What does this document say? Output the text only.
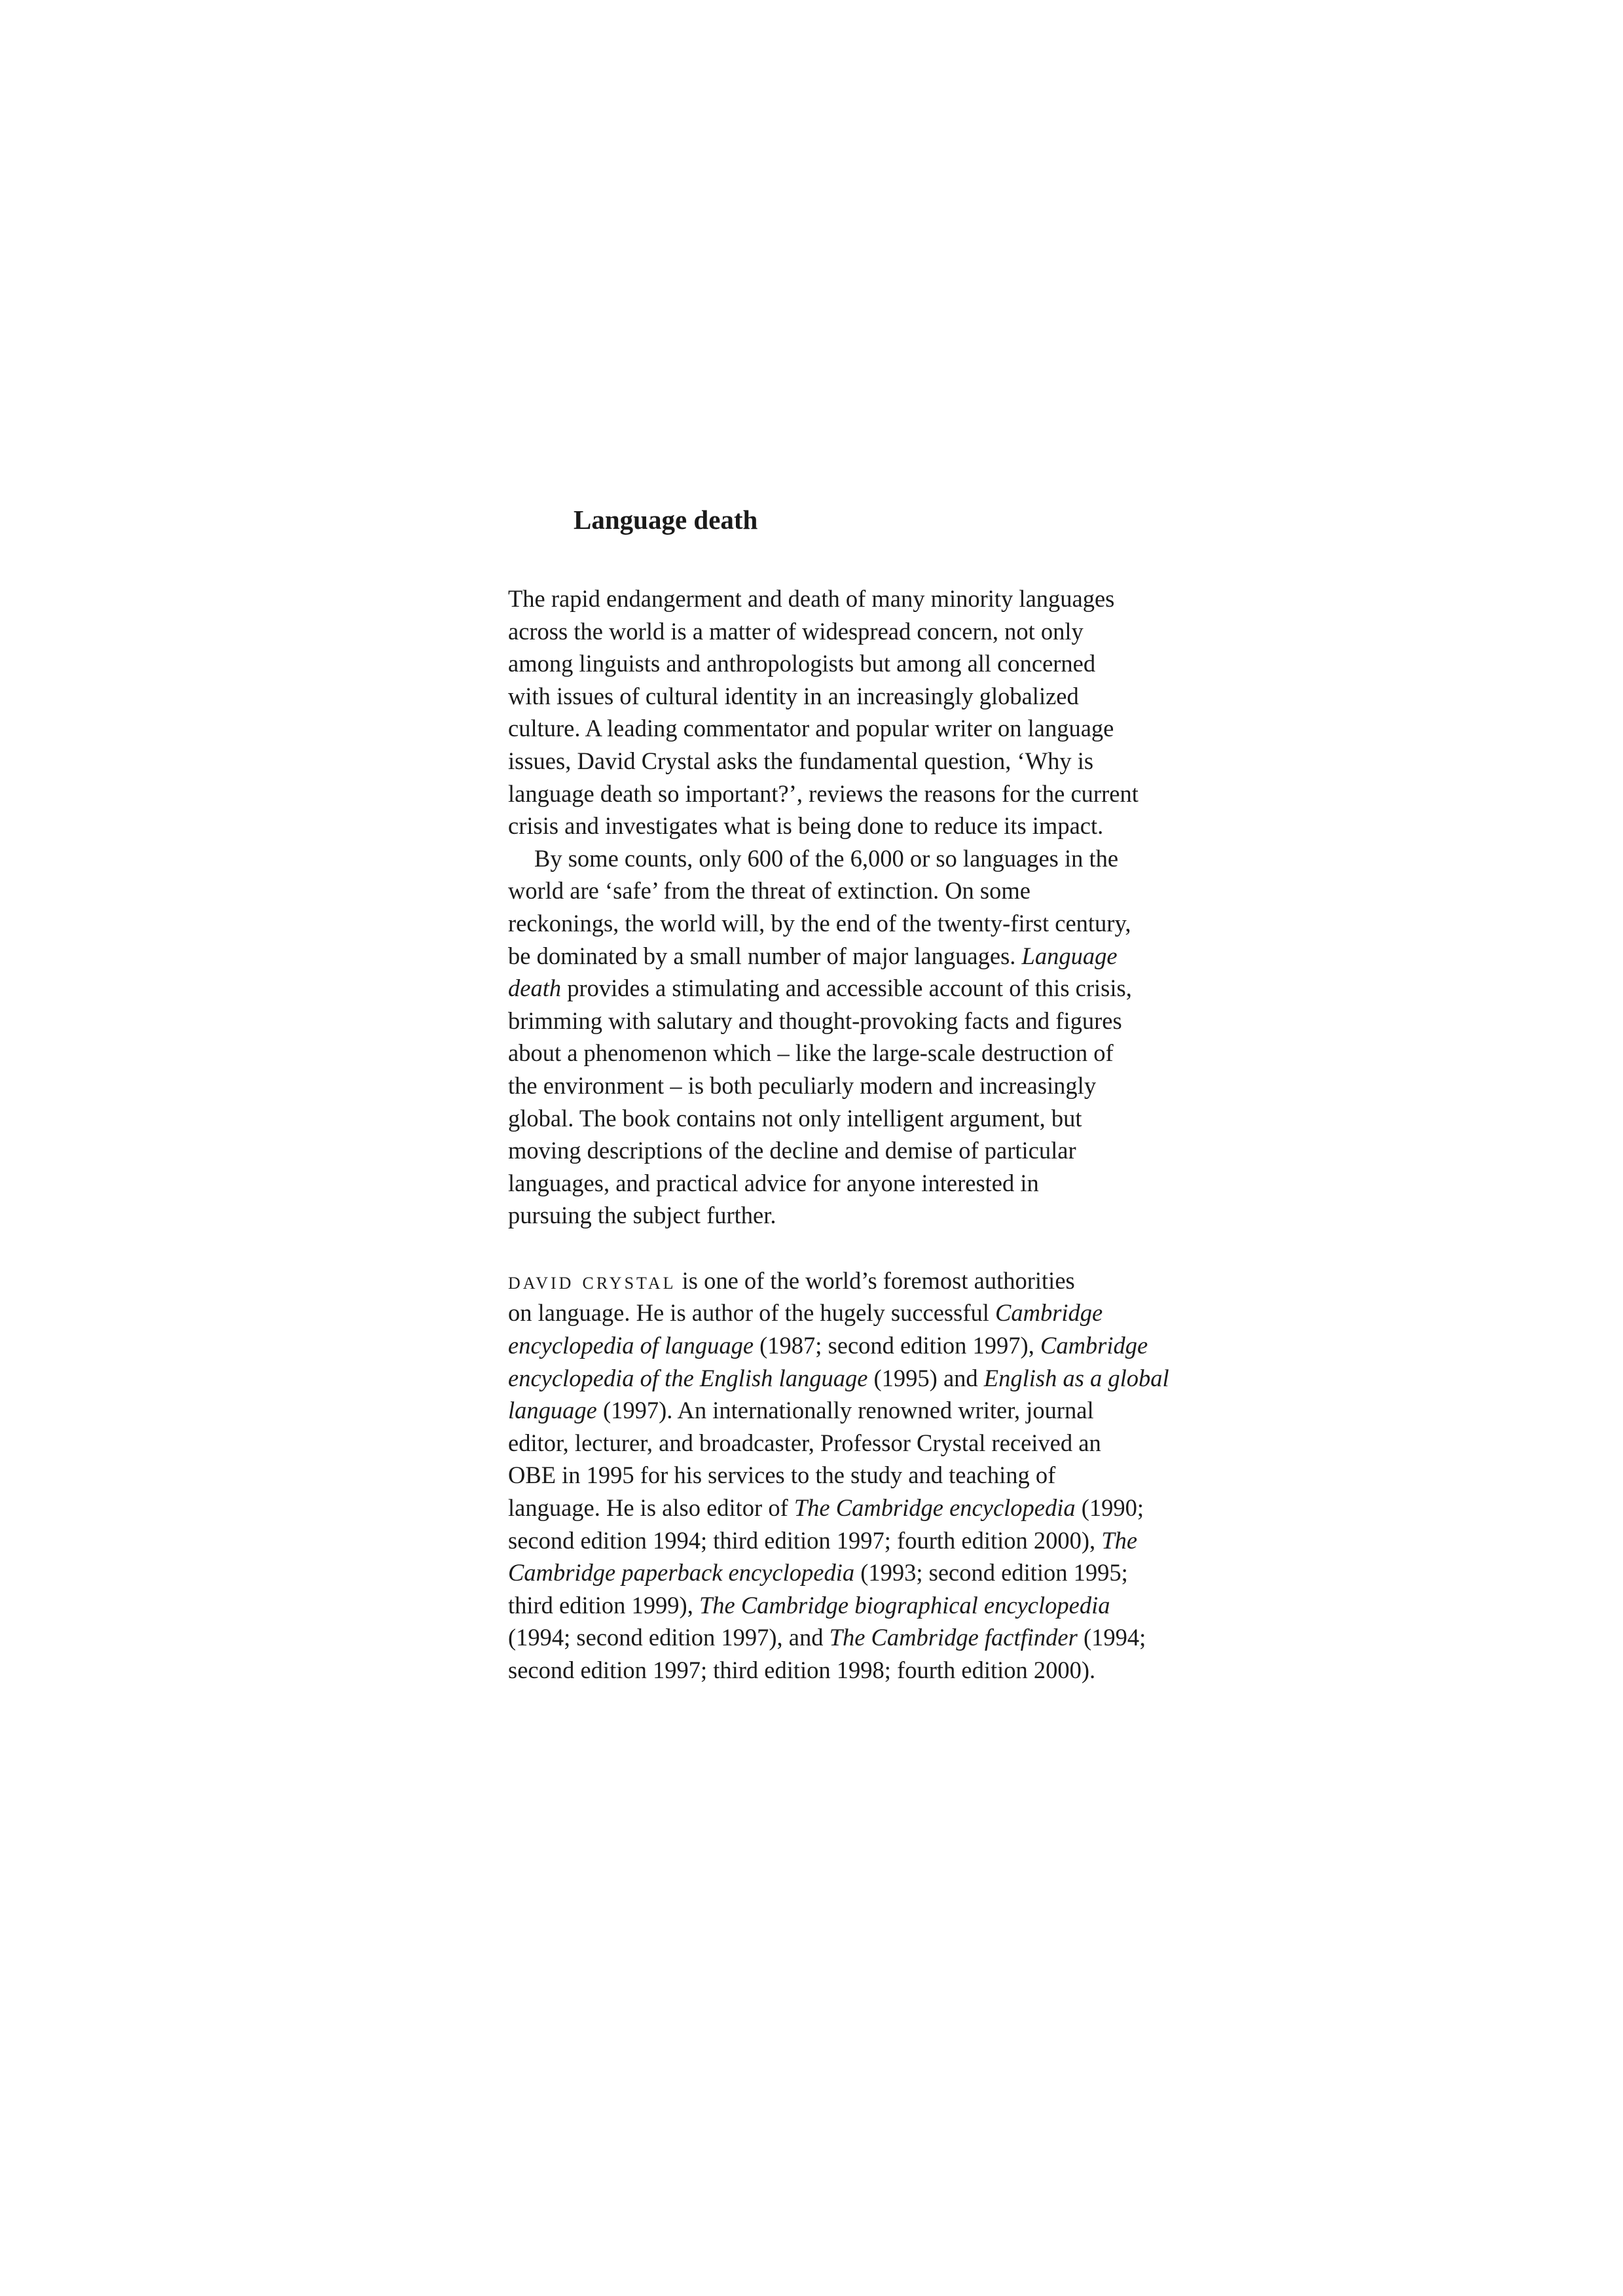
Language death

The rapid endangerment and death of many minority languages
across the world is a matter of widespread concern, not only
among linguists and anthropologists but among all concerned
with issues of cultural identity in an increasingly globalized
culture. A leading commentator and popular writer on language
issues, David Crystal asks the fundamental question, ‘Why is
language death so important?’, reviews the reasons for the current
crisis and investigates what is being done to reduce its impact.

By some counts, only 600 of the 6,000 or so languages in the
world are ‘safe’ from the threat of extinction. On some
reckonings, the world will, by the end of the twenty-first century,
be dominated by a small number of major languages. Language
death provides a stimulating and accessible account of this crisis,
brimming with salutary and thought-provoking facts and figures
about a phenomenon which – like the large-scale destruction of
the environment – is both peculiarly modern and increasingly
global. The book contains not only intelligent argument, but
moving descriptions of the decline and demise of particular
languages, and practical advice for anyone interested in
pursuing the subject further.

david crystal is one of the world’s foremost authorities
on language. He is author of the hugely successful Cambridge
encyclopedia of language (1987; second edition 1997), Cambridge
encyclopedia of the English language (1995) and English as a global
language (1997). An internationally renowned writer, journal
editor, lecturer, and broadcaster, Professor Crystal received an
OBE in 1995 for his services to the study and teaching of
language. He is also editor of The Cambridge encyclopedia (1990;
second edition 1994; third edition 1997; fourth edition 2000), The
Cambridge paperback encyclopedia (1993; second edition 1995;
third edition 1999), The Cambridge biographical encyclopedia
(1994; second edition 1997), and The Cambridge factfinder (1994;
second edition 1997; third edition 1998; fourth edition 2000).
